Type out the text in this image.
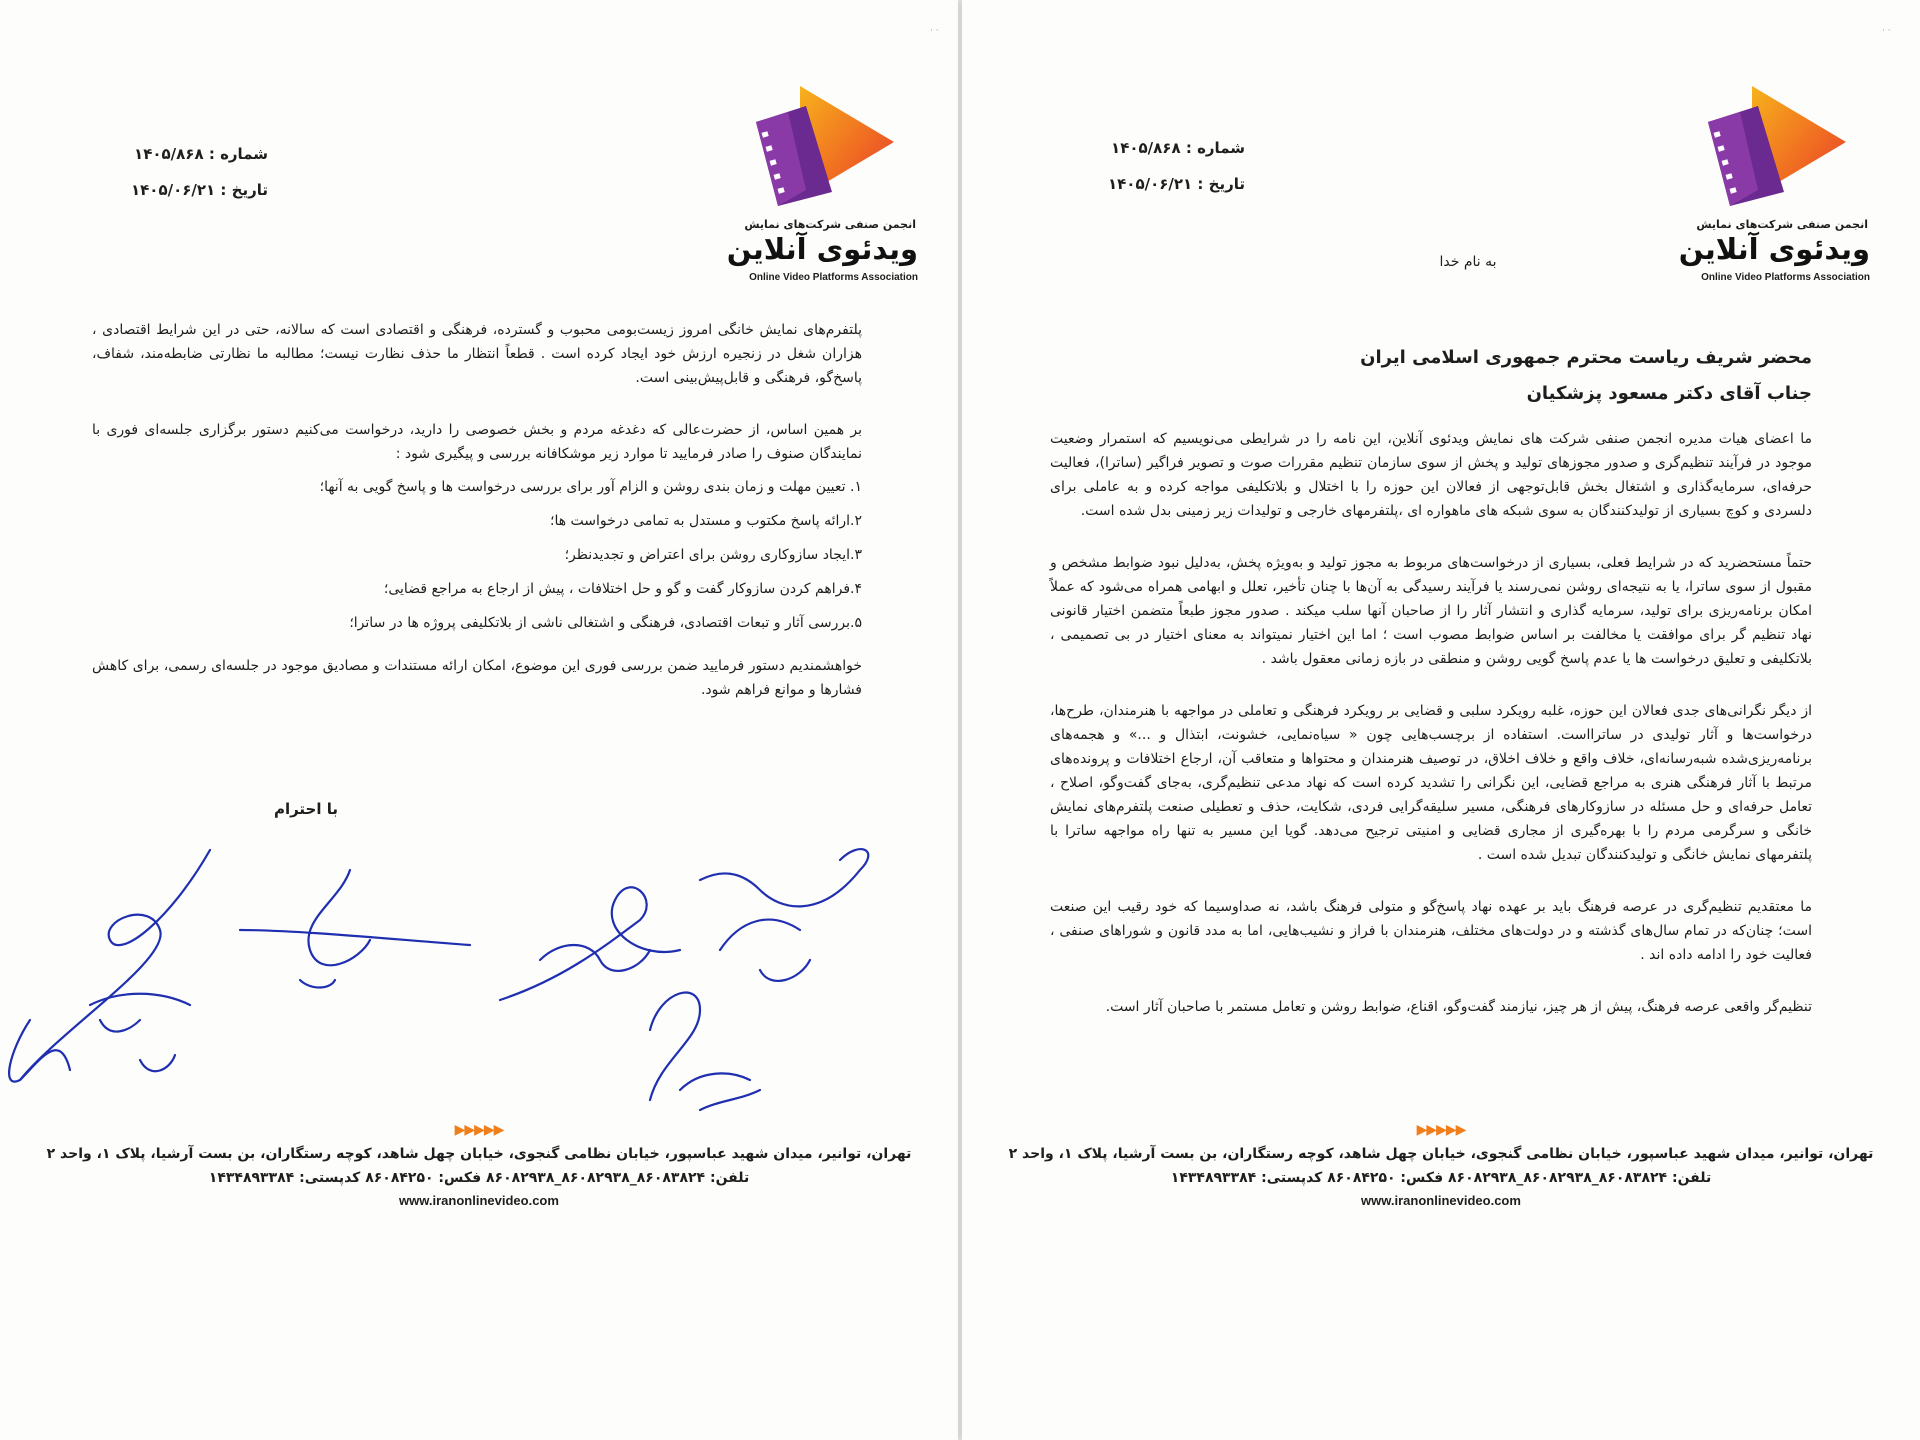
· ·
انجمن صنفی شرکت‌های نمایش
ویدئوی آنلاین
Online Video Platforms Association
شماره : ۱۴۰۵/۸۶۸
تاریخ : ۱۴۰۵/۰۶/۲۱

پلتفرم‌های نمایش خانگی امروز زیست‌بومی محبوب و گسترده، فرهنگی و اقتصادی است که سالانه، حتی در این شرایط اقتصادی ، هزاران شغل در زنجیره ارزش خود ایجاد کرده است . قطعاً انتظار ما حذف نظارت نیست؛ مطالبه ما نظارتی ضابطه‌مند، شفاف، پاسخ‌گو، فرهنگی و قابل‌پیش‌بینی است.

بر همین اساس، از حضرت‌عالی که دغدغه مردم و بخش خصوصی را دارید، درخواست می‌کنیم دستور برگزاری جلسه‌ای فوری با نمایندگان صنوف را صادر فرمایید تا موارد زیر موشکافانه بررسی و پیگیری شود :

۱. تعیین مهلت و زمان بندی روشن و الزام آور برای بررسی درخواست ها و پاسخ گویی به آنها؛
۲.ارائه پاسخ مکتوب و مستدل به تمامی درخواست ها؛
۳.ایجاد سازوکاری روشن برای اعتراض و تجدیدنظر؛
۴.فراهم کردن سازوکار گفت و گو و حل اختلافات ، پیش از ارجاع به مراجع قضایی؛
۵.بررسی آثار و تبعات اقتصادی، فرهنگی و اشتغالی ناشی از بلاتکلیفی پروژه ها در ساترا؛

خواهشمندیم دستور فرمایید ضمن بررسی فوری این موضوع، امکان ارائه مستندات و مصادیق موجود در جلسه‌ای رسمی، برای کاهش فشارها و موانع فراهم شود.

با احترام
▶▶▶▶▶
تهران، توانیر، میدان شهید عباسپور، خیابان نظامی گنجوی، خیابان چهل شاهد، کوچه رستگاران، بن بست آرشیا، پلاک ۱، واحد ۲
تلفن: ۸۶۰۸۳۸۲۴_۸۶۰۸۲۹۳۸_۸۶۰۸۲۹۳۸ فکس: ۸۶۰۸۴۲۵۰ کدپستی: ۱۴۳۴۸۹۳۳۸۴
www.iranonlinevideo.com
· ·
انجمن صنفی شرکت‌های نمایش
ویدئوی آنلاین
Online Video Platforms Association
شماره : ۱۴۰۵/۸۶۸
تاریخ : ۱۴۰۵/۰۶/۲۱
به نام خدا
محضر شریف ریاست محترم جمهوری اسلامی ایران
جناب آقای دکتر مسعود پزشکیان

ما اعضای هیات مدیره انجمن صنفی شرکت های نمایش ویدئوی آنلاین، این نامه را در شرایطی می‌نویسیم که استمرار وضعیت موجود در فرآیند تنظیم‌گری و صدور مجوزهای تولید و پخش از سوی سازمان تنظیم مقررات صوت و تصویر فراگیر (ساترا)، فعالیت حرفه‌ای، سرمایه‌گذاری و اشتغال بخش قابل‌توجهی از فعالان این حوزه را با اختلال و بلاتکلیفی مواجه کرده و به عاملی برای دلسردی و کوچ بسیاری از تولیدکنندگان به سوی شبکه های ماهواره ای ،پلتفرمهای خارجی و تولیدات زیر زمینی بدل شده است.

حتماً مستحضرید که در شرایط فعلی، بسیاری از درخواست‌های مربوط به مجوز تولید و به‌ویژه پخش، به‌دلیل نبود ضوابط مشخص و مقبول از سوی ساترا، یا به نتیجه‌ای روشن نمی‌رسند یا فرآیند رسیدگی به آن‌ها با چنان تأخیر، تعلل و ابهامی همراه می‌شود که عملاً امکان برنامه‌ریزی برای تولید، سرمایه گذاری و انتشار آثار را از صاحبان آنها سلب میکند . صدور مجوز طبعاً متضمن اختیار قانونی نهاد تنظیم گر برای موافقت یا مخالفت بر اساس ضوابط مصوب است ؛ اما این اختیار نمیتواند به معنای اختیار در بی تصمیمی ، بلاتکلیفی و تعلیق درخواست ها یا عدم پاسخ گویی روشن و منطقی در بازه زمانی معقول باشد .

از دیگر نگرانی‌های جدی فعالان این حوزه، غلبه رویکرد سلبی و قضایی بر رویکرد فرهنگی و تعاملی در مواجهه با هنرمندان، طرح‌ها، درخواست‌ها و آثار تولیدی در ساترااست. استفاده از برچسب‌هایی چون « سیاه‌نمایی، خشونت، ابتذال و ...» و هجمه‌های برنامه‌ریزی‌شده شبه‌رسانه‌ای، خلاف واقع و خلاف اخلاق، در توصیف هنرمندان و محتواها و متعاقب آن، ارجاع اختلافات و پرونده‌های مرتبط با آثار فرهنگی هنری به مراجع قضایی، این نگرانی را تشدید کرده است که نهاد مدعی تنظیم‌گری، به‌جای گفت‌وگو، اصلاح ، تعامل حرفه‌ای و حل مسئله در سازوکارهای فرهنگی، مسیر سلیقه‌گرایی فردی، شکایت، حذف و تعطیلی صنعت پلتفرم‌های نمایش خانگی و سرگرمی مردم را با بهره‌گیری از مجاری قضایی و امنیتی ترجیح می‌دهد. گویا این مسیر به تنها راه مواجهه ساترا با پلتفرمهای نمایش خانگی و تولیدکنندگان تبدیل شده است .

ما معتقدیم تنظیم‌گری در عرصه فرهنگ باید بر عهده نهاد پاسخ‌گو و متولی فرهنگ باشد، نه صداوسیما که خود رقیب این صنعت است؛ چنان‌که در تمام سال‌های گذشته و در دولت‌های مختلف، هنرمندان با فراز و نشیب‌هایی، اما به مدد قانون و شوراهای صنفی ، فعالیت خود را ادامه داده اند .

تنظیم‌گر واقعی عرصه فرهنگ، پیش از هر چیز، نیازمند گفت‌وگو، اقناع، ضوابط روشن و تعامل مستمر با صاحبان آثار است.

▶▶▶▶▶
تهران، توانیر، میدان شهید عباسپور، خیابان نظامی گنجوی، خیابان چهل شاهد، کوچه رستگاران، بن بست آرشیا، پلاک ۱، واحد ۲
تلفن: ۸۶۰۸۳۸۲۴_۸۶۰۸۲۹۳۸_۸۶۰۸۲۹۳۸ فکس: ۸۶۰۸۴۲۵۰ کدپستی: ۱۴۳۴۸۹۳۳۸۴
www.iranonlinevideo.com
